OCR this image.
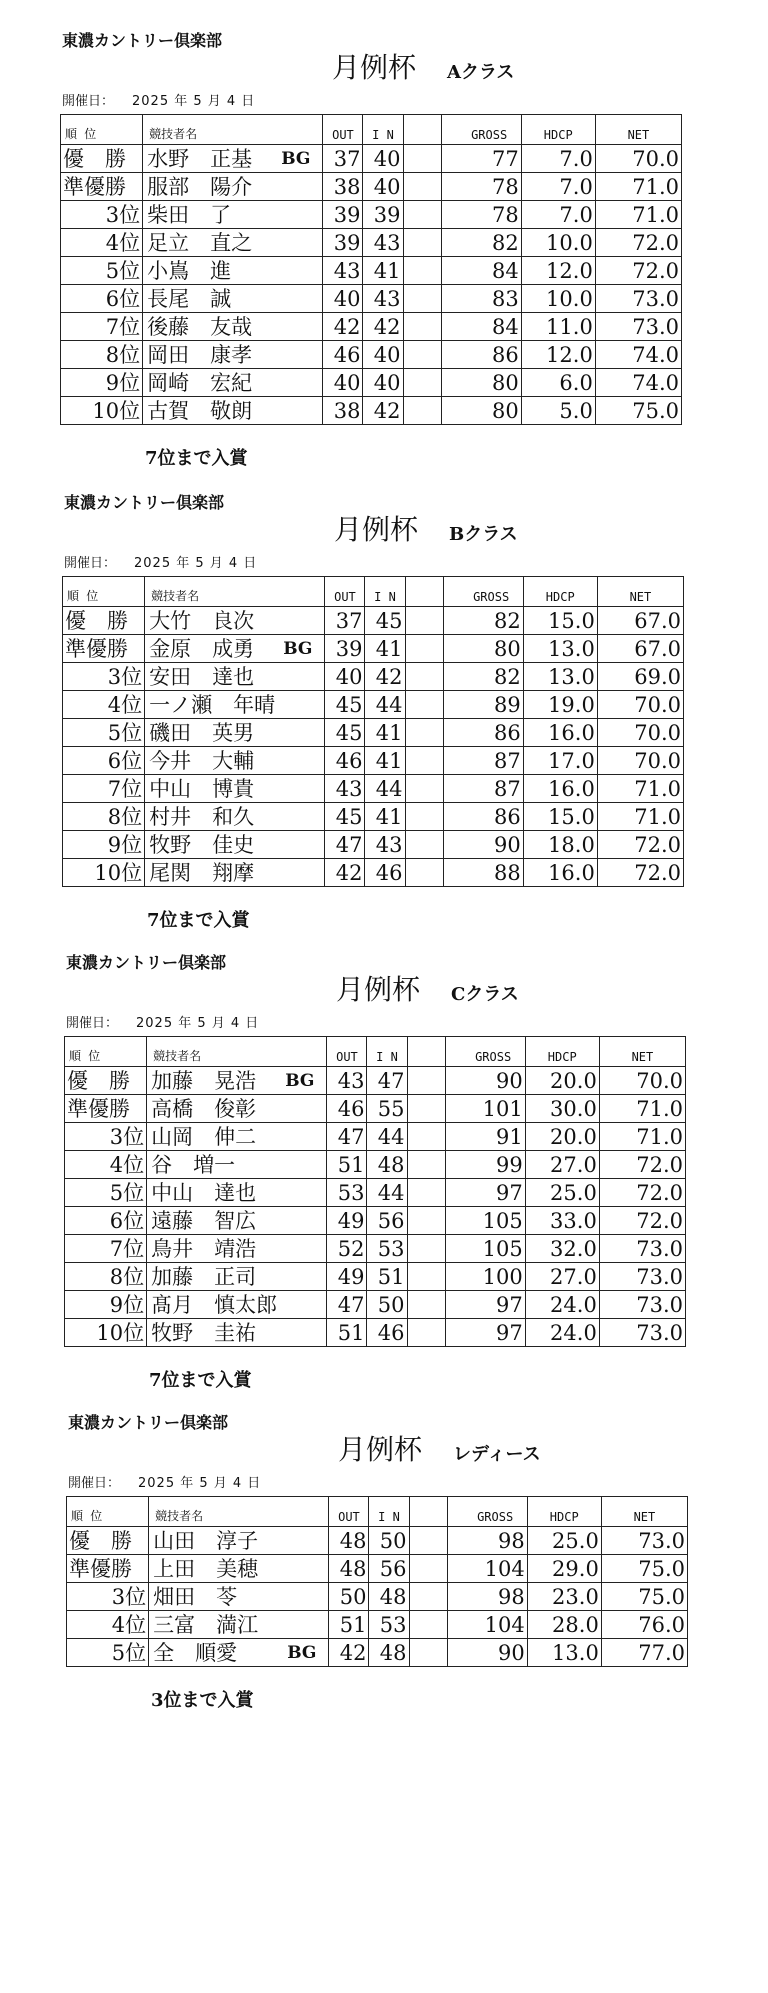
東濃カントリー倶楽部
月例杯 Aクラス
開催日： 2025 年 5 月 4 日
順 位	競技者名	OUT	I N		GROSS	HDCP	NET
優　勝	水野　正基 BG	37	40		77	7.0	70.0
準優勝	服部　陽介	38	40		78	7.0	71.0
3位	柴田　了	39	39		78	7.0	71.0
4位	足立　直之	39	43		82	10.0	72.0
5位	小嶌　進	43	41		84	12.0	72.0
6位	長尾　誠	40	43		83	10.0	73.0
7位	後藤　友哉	42	42		84	11.0	73.0
8位	岡田　康孝	46	40		86	12.0	74.0
9位	岡崎　宏紀	40	40		80	6.0	74.0
10位	古賀　敬朗	38	42		80	5.0	75.0
7位まで入賞
東濃カントリー倶楽部
月例杯 Bクラス
開催日： 2025 年 5 月 4 日
順 位	競技者名	OUT	I N		GROSS	HDCP	NET
優　勝	大竹　良次	37	45		82	15.0	67.0
準優勝	金原　成勇 BG	39	41		80	13.0	67.0
3位	安田　達也	40	42		82	13.0	69.0
4位	一ノ瀬　年晴	45	44		89	19.0	70.0
5位	磯田　英男	45	41		86	16.0	70.0
6位	今井　大輔	46	41		87	17.0	70.0
7位	中山　博貴	43	44		87	16.0	71.0
8位	村井　和久	45	41		86	15.0	71.0
9位	牧野　佳史	47	43		90	18.0	72.0
10位	尾関　翔摩	42	46		88	16.0	72.0
7位まで入賞
東濃カントリー倶楽部
月例杯 Cクラス
開催日： 2025 年 5 月 4 日
順 位	競技者名	OUT	I N		GROSS	HDCP	NET
優　勝	加藤　晃浩 BG	43	47		90	20.0	70.0
準優勝	高橋　俊彰	46	55		101	30.0	71.0
3位	山岡　伸二	47	44		91	20.0	71.0
4位	谷　増一	51	48		99	27.0	72.0
5位	中山　達也	53	44		97	25.0	72.0
6位	遠藤　智広	49	56		105	33.0	72.0
7位	鳥井　靖浩	52	53		105	32.0	73.0
8位	加藤　正司	49	51		100	27.0	73.0
9位	髙月　慎太郎	47	50		97	24.0	73.0
10位	牧野　圭祐	51	46		97	24.0	73.0
7位まで入賞
東濃カントリー倶楽部
月例杯 レディース
開催日： 2025 年 5 月 4 日
順 位	競技者名	OUT	I N		GROSS	HDCP	NET
優　勝	山田　淳子	48	50		98	25.0	73.0
準優勝	上田　美穂	48	56		104	29.0	75.0
3位	畑田　苓	50	48		98	23.0	75.0
4位	三富　満江	51	53		104	28.0	76.0
5位	全　順愛 BG	42	48		90	13.0	77.0
3位まで入賞
